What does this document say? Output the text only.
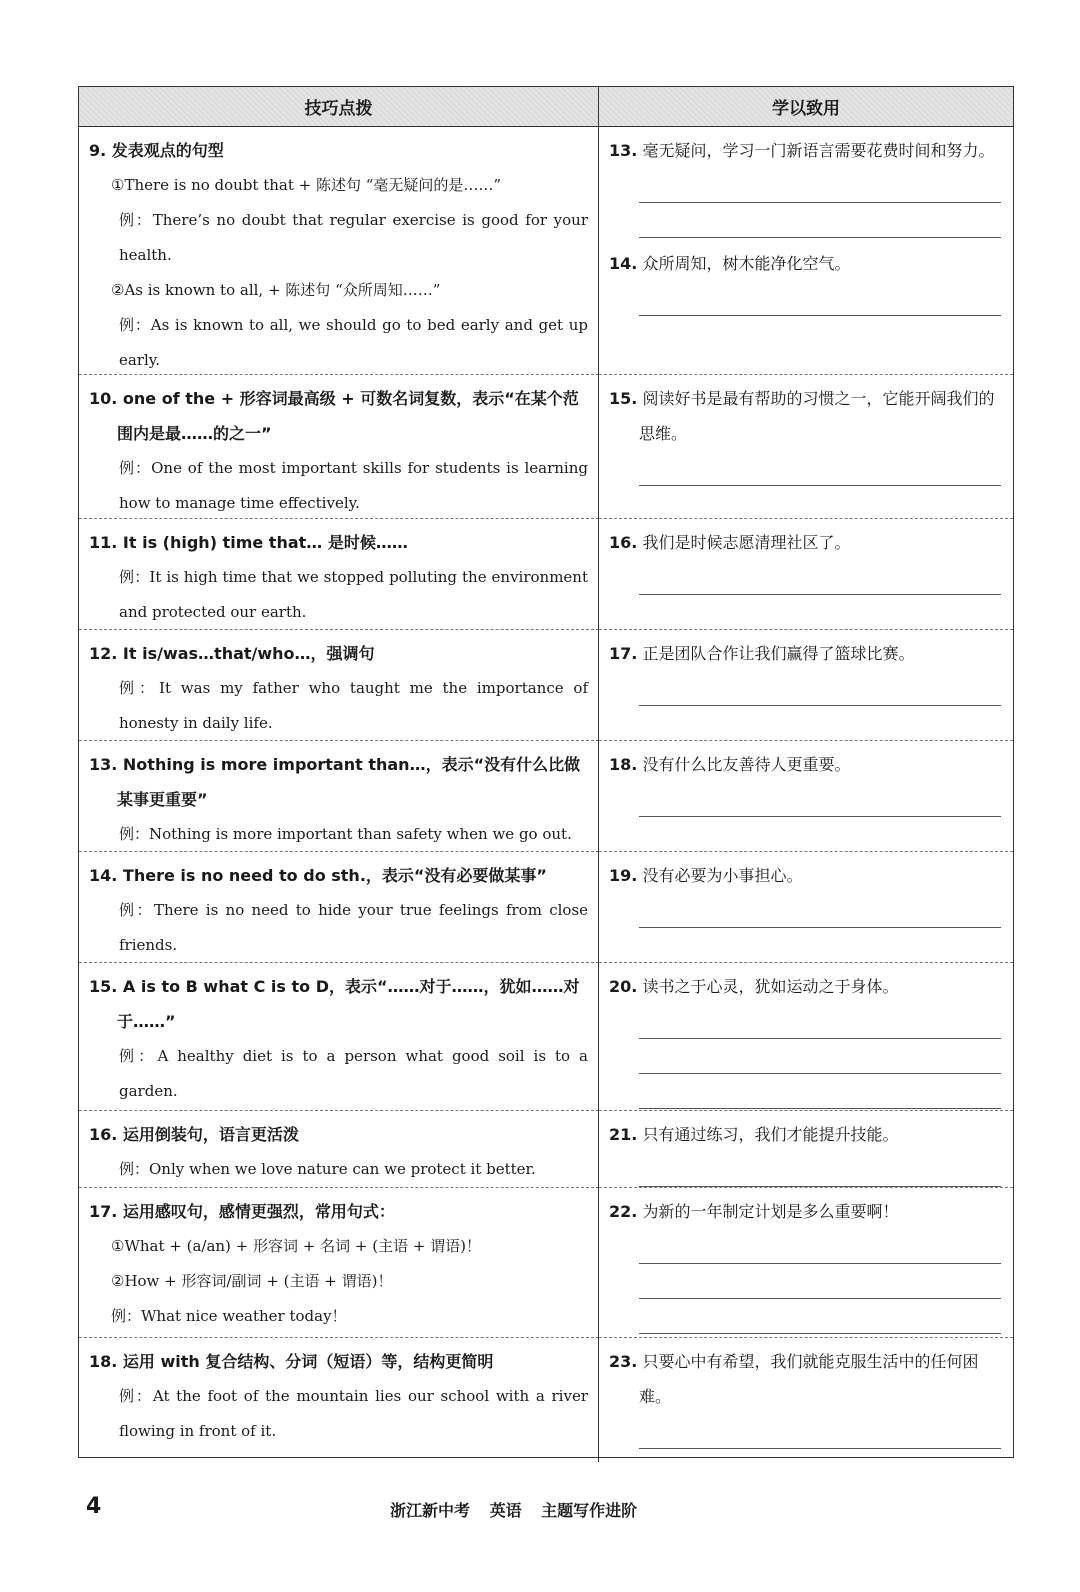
技巧点拨	学以致用
9. 发表观点的句型
①There is no doubt that + 陈述句 “毫无疑问的是……”
例：There’s no doubt that regular exercise is good for your health.
②As is known to all, + 陈述句 “众所周知……”
例：As is known to all, we should go to bed early and get up early.
13. 毫无疑问，学习一门新语言需要花费时间和努力。
14. 众所周知，树木能净化空气。
10. one of the + 形容词最高级 + 可数名词复数，表示“在某个范围内是最……的之一”
例：One of the most important skills for students is learning how to manage time effectively.
15. 阅读好书是最有帮助的习惯之一，它能开阔我们的思维。
11. It is (high) time that… 是时候……
例：It is high time that we stopped polluting the environment and protected our earth.
16. 我们是时候志愿清理社区了。
12. It is/was…that/who…，强调句
例：It was my father who taught me the importance of honesty in daily life.
17. 正是团队合作让我们赢得了篮球比赛。
13. Nothing is more important than…，表示“没有什么比做某事更重要”
例：Nothing is more important than safety when we go out.
18. 没有什么比友善待人更重要。
14. There is no need to do sth.，表示“没有必要做某事”
例：There is no need to hide your true feelings from close friends.
19. 没有必要为小事担心。
15. A is to B what C is to D，表示“……对于……，犹如……对于……”
例：A healthy diet is to a person what good soil is to a garden.
20. 读书之于心灵，犹如运动之于身体。
16. 运用倒装句，语言更活泼
例：Only when we love nature can we protect it better.
21. 只有通过练习，我们才能提升技能。
17. 运用感叹句，感情更强烈，常用句式：
①What + (a/an) + 形容词 + 名词 + (主语 + 谓语)！
②How + 形容词/副词 + (主语 + 谓语)！
例：What nice weather today！
22. 为新的一年制定计划是多么重要啊！
18. 运用 with 复合结构、分词（短语）等，结构更简明
例：At the foot of the mountain lies our school with a river flowing in front of it.
23. 只要心中有希望，我们就能克服生活中的任何困难。
4	浙江新中考 英语 主题写作进阶
